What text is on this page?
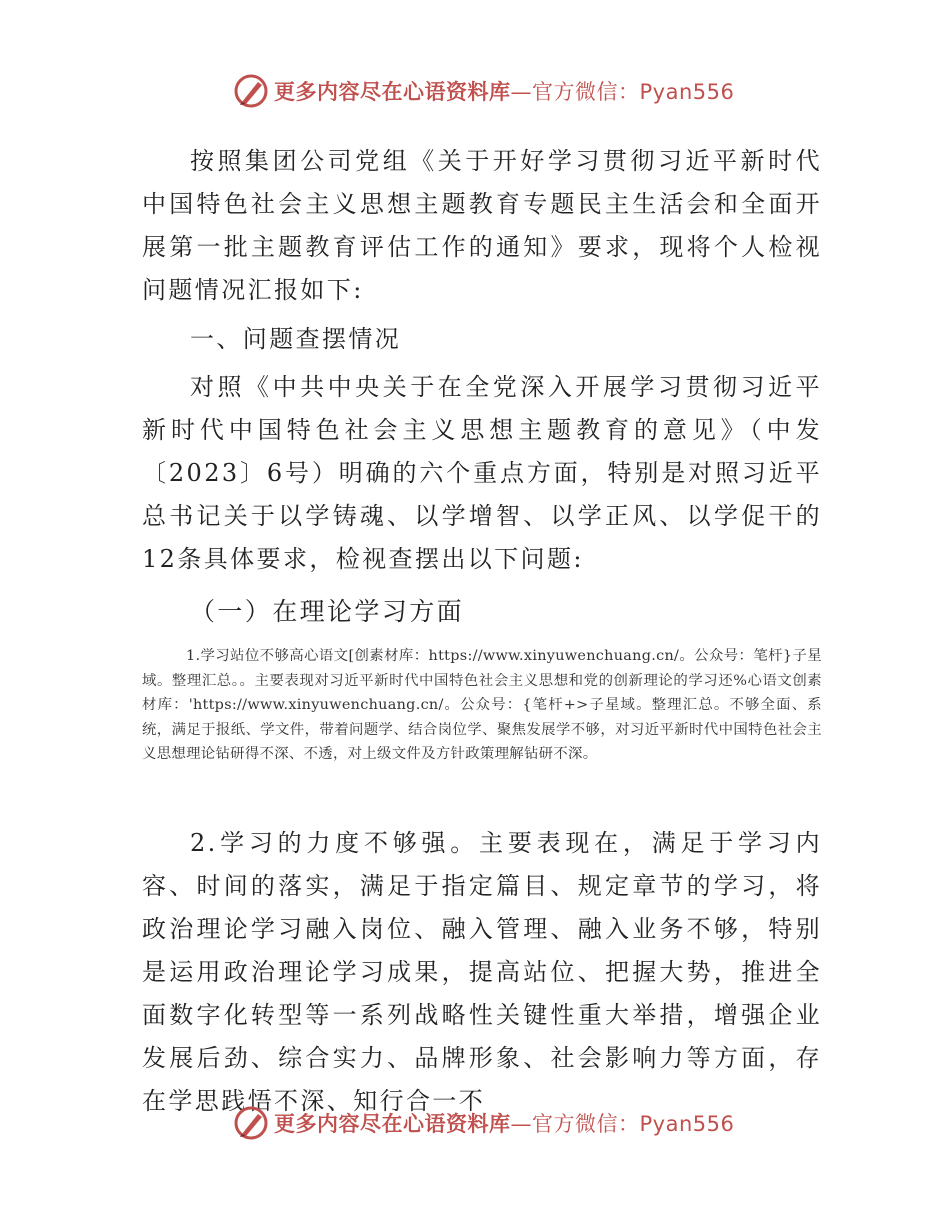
更多内容尽在心语资料库 —官方微信：Pyan556

按照集团公司党组《关于开好学习贯彻习近平新时代中国特色社会主义思想主题教育专题民主生活会和全面开展第一批主题教育评估工作的通知》要求，现将个人检视问题情况汇报如下:

一、问题查摆情况

对照《中共中央关于在全党深入开展学习贯彻习近平新时代中国特色社会主义思想主题教育的意见》（中发〔2023〕6号）明确的六个重点方面，特别是对照习近平总书记关于以学铸魂、以学增智、以学正风、以学促干的12条具体要求，检视查摆出以下问题:

（一）在理论学习方面

1.学习站位不够高心语文[创素材库：https://www.xinyuwenchuang.cn/。公众号：笔杆}子星域。整理汇总。。主要表现对习近平新时代中国特色社会主义思想和党的创新理论的学习还%心语文创素材库：'https://www.xinyuwenchuang.cn/。公众号：{笔杆+>子星域。整理汇总。不够全面、系统，满足于报纸、学文件，带着问题学、结合岗位学、聚焦发展学不够，对习近平新时代中国特色社会主义思想理论钻研得不深、不透，对上级文件及方针政策理解钻研不深。

2.学习的力度不够强。主要表现在，满足于学习内容、时间的落实，满足于指定篇目、规定章节的学习，将政治理论学习融入岗位、融入管理、融入业务不够，特别是运用政治理论学习成果，提高站位、把握大势，推进全面数字化转型等一系列战略性关键性重大举措，增强企业发展后劲、综合实力、品牌形象、社会影响力等方面，存在学思践悟不深、知行合一不

更多内容尽在心语资料库 —官方微信：Pyan556
